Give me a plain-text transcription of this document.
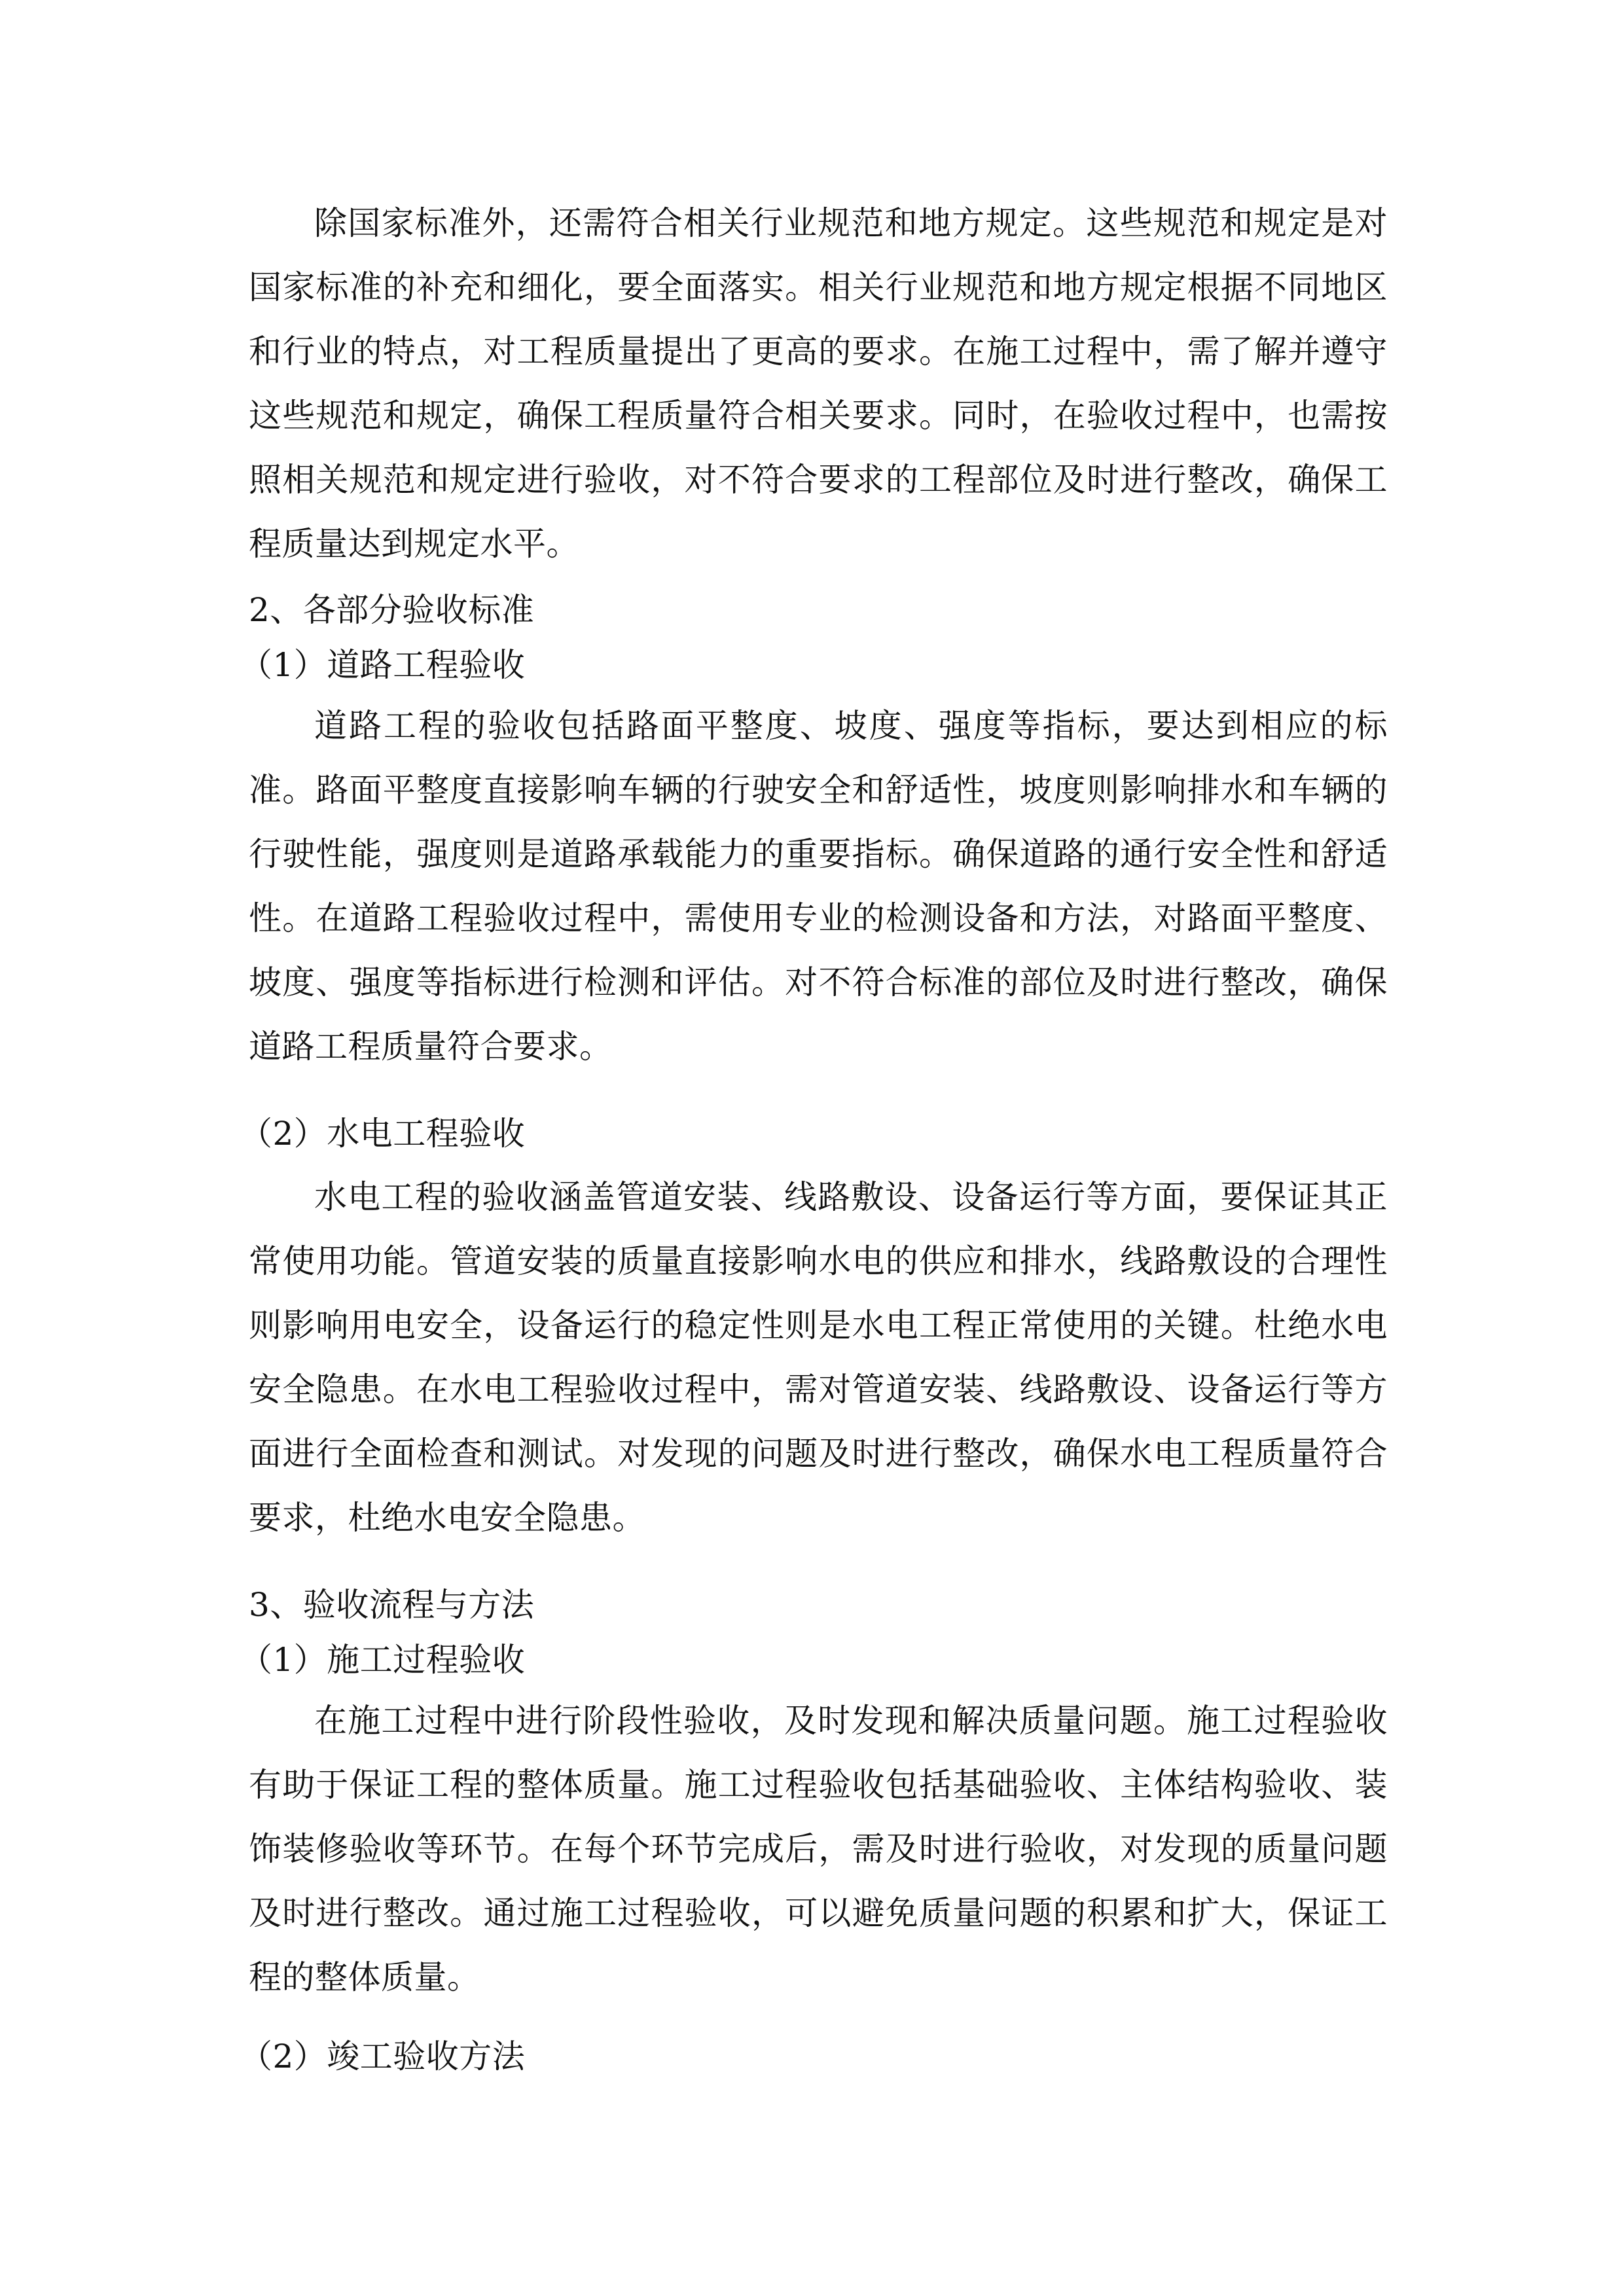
除国家标准外，还需符合相关行业规范和地方规定。这些规范和规定是对国家标准的补充和细化，要全面落实。相关行业规范和地方规定根据不同地区和行业的特点，对工程质量提出了更高的要求。在施工过程中，需了解并遵守这些规范和规定，确保工程质量符合相关要求。同时，在验收过程中，也需按照相关规范和规定进行验收，对不符合要求的工程部位及时进行整改，确保工程质量达到规定水平。

2、各部分验收标准

（1）道路工程验收

道路工程的验收包括路面平整度、坡度、强度等指标，要达到相应的标准。路面平整度直接影响车辆的行驶安全和舒适性，坡度则影响排水和车辆的行驶性能，强度则是道路承载能力的重要指标。确保道路的通行安全性和舒适性。在道路工程验收过程中，需使用专业的检测设备和方法，对路面平整度、坡度、强度等指标进行检测和评估。对不符合标准的部位及时进行整改，确保道路工程质量符合要求。

（2）水电工程验收

水电工程的验收涵盖管道安装、线路敷设、设备运行等方面，要保证其正常使用功能。管道安装的质量直接影响水电的供应和排水，线路敷设的合理性则影响用电安全，设备运行的稳定性则是水电工程正常使用的关键。杜绝水电安全隐患。在水电工程验收过程中，需对管道安装、线路敷设、设备运行等方面进行全面检查和测试。对发现的问题及时进行整改，确保水电工程质量符合要求，杜绝水电安全隐患。

3、验收流程与方法

（1）施工过程验收

在施工过程中进行阶段性验收，及时发现和解决质量问题。施工过程验收有助于保证工程的整体质量。施工过程验收包括基础验收、主体结构验收、装饰装修验收等环节。在每个环节完成后，需及时进行验收，对发现的质量问题及时进行整改。通过施工过程验收，可以避免质量问题的积累和扩大，保证工程的整体质量。

（2）竣工验收方法
